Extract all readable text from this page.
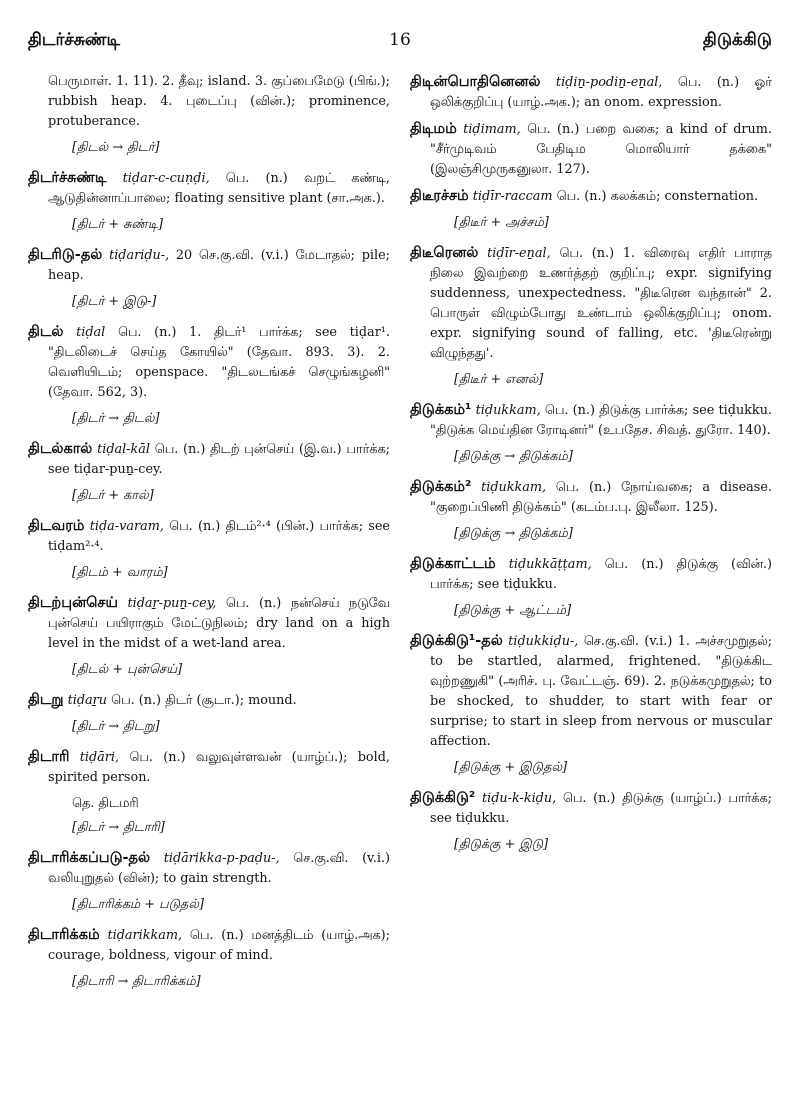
திடர்ச்சுண்டி	16	திடுக்கிடு
பெருமாள். 1. 11). 2. தீவு; island. 3. குப்பைமேடு (பிங்.); rubbish heap. 4. புடைப்பு (வின்.); prominence, protuberance.
[திடல் → திடர்]
திடர்ச்சுண்டி tiḍar-c-cuṇḍi, பெ. (n.) வறட் கண்டி, ஆடுதின்னாப்பாலை; floating sensitive plant (சா.அக.).
[திடர் + சுண்டி]
திடரிடு-தல் tiḍariḍu-, 20 செ.கு.வி. (v.i.) மேடாதல்; pile; heap.
[திடர் + இடு-]
திடல் tiḍal பெ. (n.) 1. திடர்¹ பார்க்க; see tiḍar¹. "திடலிடைச் செய்த கோயில்" (தேவா. 893. 3). 2. வெளியிடம்; openspace. "திடலடங்கச் செழுங்கழனி" (தேவா. 562, 3).
[திடர் → திடல்]
திடல்கால் tiḍal-kāl பெ. (n.) திடற் புன்செய் (இ.வ.) பார்க்க; see tiḍar-puṉ-cey.
[திடர் + கால்]
திடவரம் tiḍa-varam, பெ. (n.) திடம்²·⁴ (பின்.) பார்க்க; see tiḍam²·⁴.
[திடம் + வாரம்]
திடற்புன்செய் tiḍaṟ-puṉ-cey, பெ. (n.) நன்செய் நடுவே புன்செய் பயிராகும் மேட்டுநிலம்; dry land on a high level in the midst of a wet-land area.
[திடல் + புன்செய்]
திடறு tiḍaṟu பெ. (n.) திடர் (சூடா.); mound.
[திடர் → திடறு]
திடாரி tiḍāri, பெ. (n.) வலுவுள்ளவன் (யாழ்ப்.); bold, spirited person.
தெ. திடமரி
[திடர் → திடாரி]
திடாரிக்கப்படு-தல் tiḍārikka-p-paḍu-, செ.கு.வி. (v.i.) வலியுறுதல் (வின்); to gain strength.
[திடாரிக்கம் + படுதல்]
திடாரிக்கம் tiḍarikkam, பெ. (n.) மனத்திடம் (யாழ்.அக); courage, boldness, vigour of mind.
[திடாரி → திடாரிக்கம்]
திடின்பொதினெனல் tiḍiṉ-podiṉ-eṉal, பெ. (n.) ஓர் ஒலிக்குறிப்பு (யாழ்.அக.); an onom. expression.
திடிமம் tiḍimam, பெ. (n.) பறை வகை; a kind of drum. "சீர்முடிவம் பேதிடிம மொலியார் தக்கை" (இலஞ்சிமுருகனுலா. 127).
திடீரச்சம் tiḍīr-raccam பெ. (n.) கலக்கம்; consternation.
[திடீர் + அச்சம்]
திடீரெனல் tiḍīr-eṉal, பெ. (n.) 1. விரைவு எதிர் பாராத நிலை இவற்றை உணர்த்தற் குறிப்பு; expr. signifying suddenness, unexpectedness. "திடீரென வந்தான்" 2. பொருள் விழும்போது உண்டாம் ஒலிக்குறிப்பு; onom. expr. signifying sound of falling, etc. 'திடீரென்று விழுந்தது'.
[திடீர் + எனல்]
திடுக்கம்¹ tiḍukkam, பெ. (n.) திடுக்கு பார்க்க; see tiḍukku. "திடுக்க மெய்தின ரோடினர்" (உபதேச. சிவத். துரோ. 140).
[திடுக்கு → திடுக்கம்]
திடுக்கம்² tiḍukkam, பெ. (n.) நோய்வகை; a disease. "குறைப்பிணி திடுக்கம்" (கடம்ப.பு. இலீலா. 125).
[திடுக்கு → திடுக்கம்]
திடுக்காட்டம் tiḍukkāṭṭam, பெ. (n.) திடுக்கு (வின்.) பார்க்க; see tiḍukku.
[திடுக்கு + ஆட்டம்]
திடுக்கிடு¹-தல் tiḍukkiḍu-, செ.கு.வி. (v.i.) 1. அச்சமுறுதல்; to be startled, alarmed, frightened. "திடுக்கிட வுற்றணுகி" (அரிச். பு. வேட்டஞ். 69). 2. நடுக்கமுறுதல்; to be shocked, to shudder, to start with fear or surprise; to start in sleep from nervous or muscular affection.
[திடுக்கு + இடுதல்]
திடுக்கிடு² tiḍu-k-kiḍu, பெ. (n.) திடுக்கு (யாழ்ப்.) பார்க்க; see tiḍukku.
[திடுக்கு + இடு]
